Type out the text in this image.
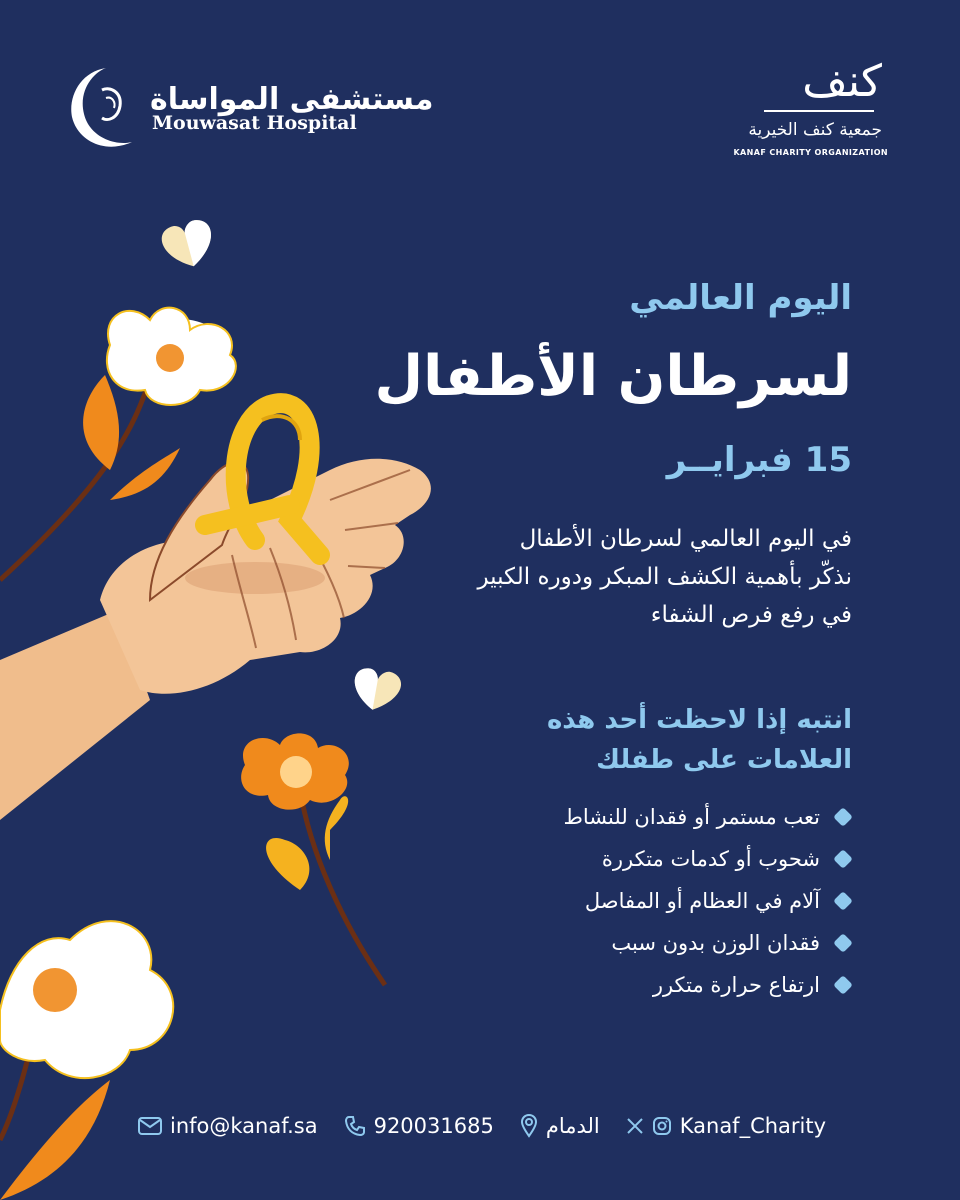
مستشفى المواساة
Mouwasat Hospital
كنف
جمعية كنف الخيرية
KANAF CHARITY ORGANIZATION
اليوم العالمي
لسرطان الأطفال
15 فبرايــر
في اليوم العالمي لسرطان الأطفال
نذكّر بأهمية الكشف المبكر ودوره الكبير
في رفع فرص الشفاء
انتبه إذا لاحظت أحد هذه
العلامات على طفلك
تعب مستمر أو فقدان للنشاط
شحوب أو كدمات متكررة
آلام في العظام أو المفاصل
فقدان الوزن بدون سبب
ارتفاع حرارة متكرر
info@kanaf.sa	920031685 الدمام	Kanaf_Charity
